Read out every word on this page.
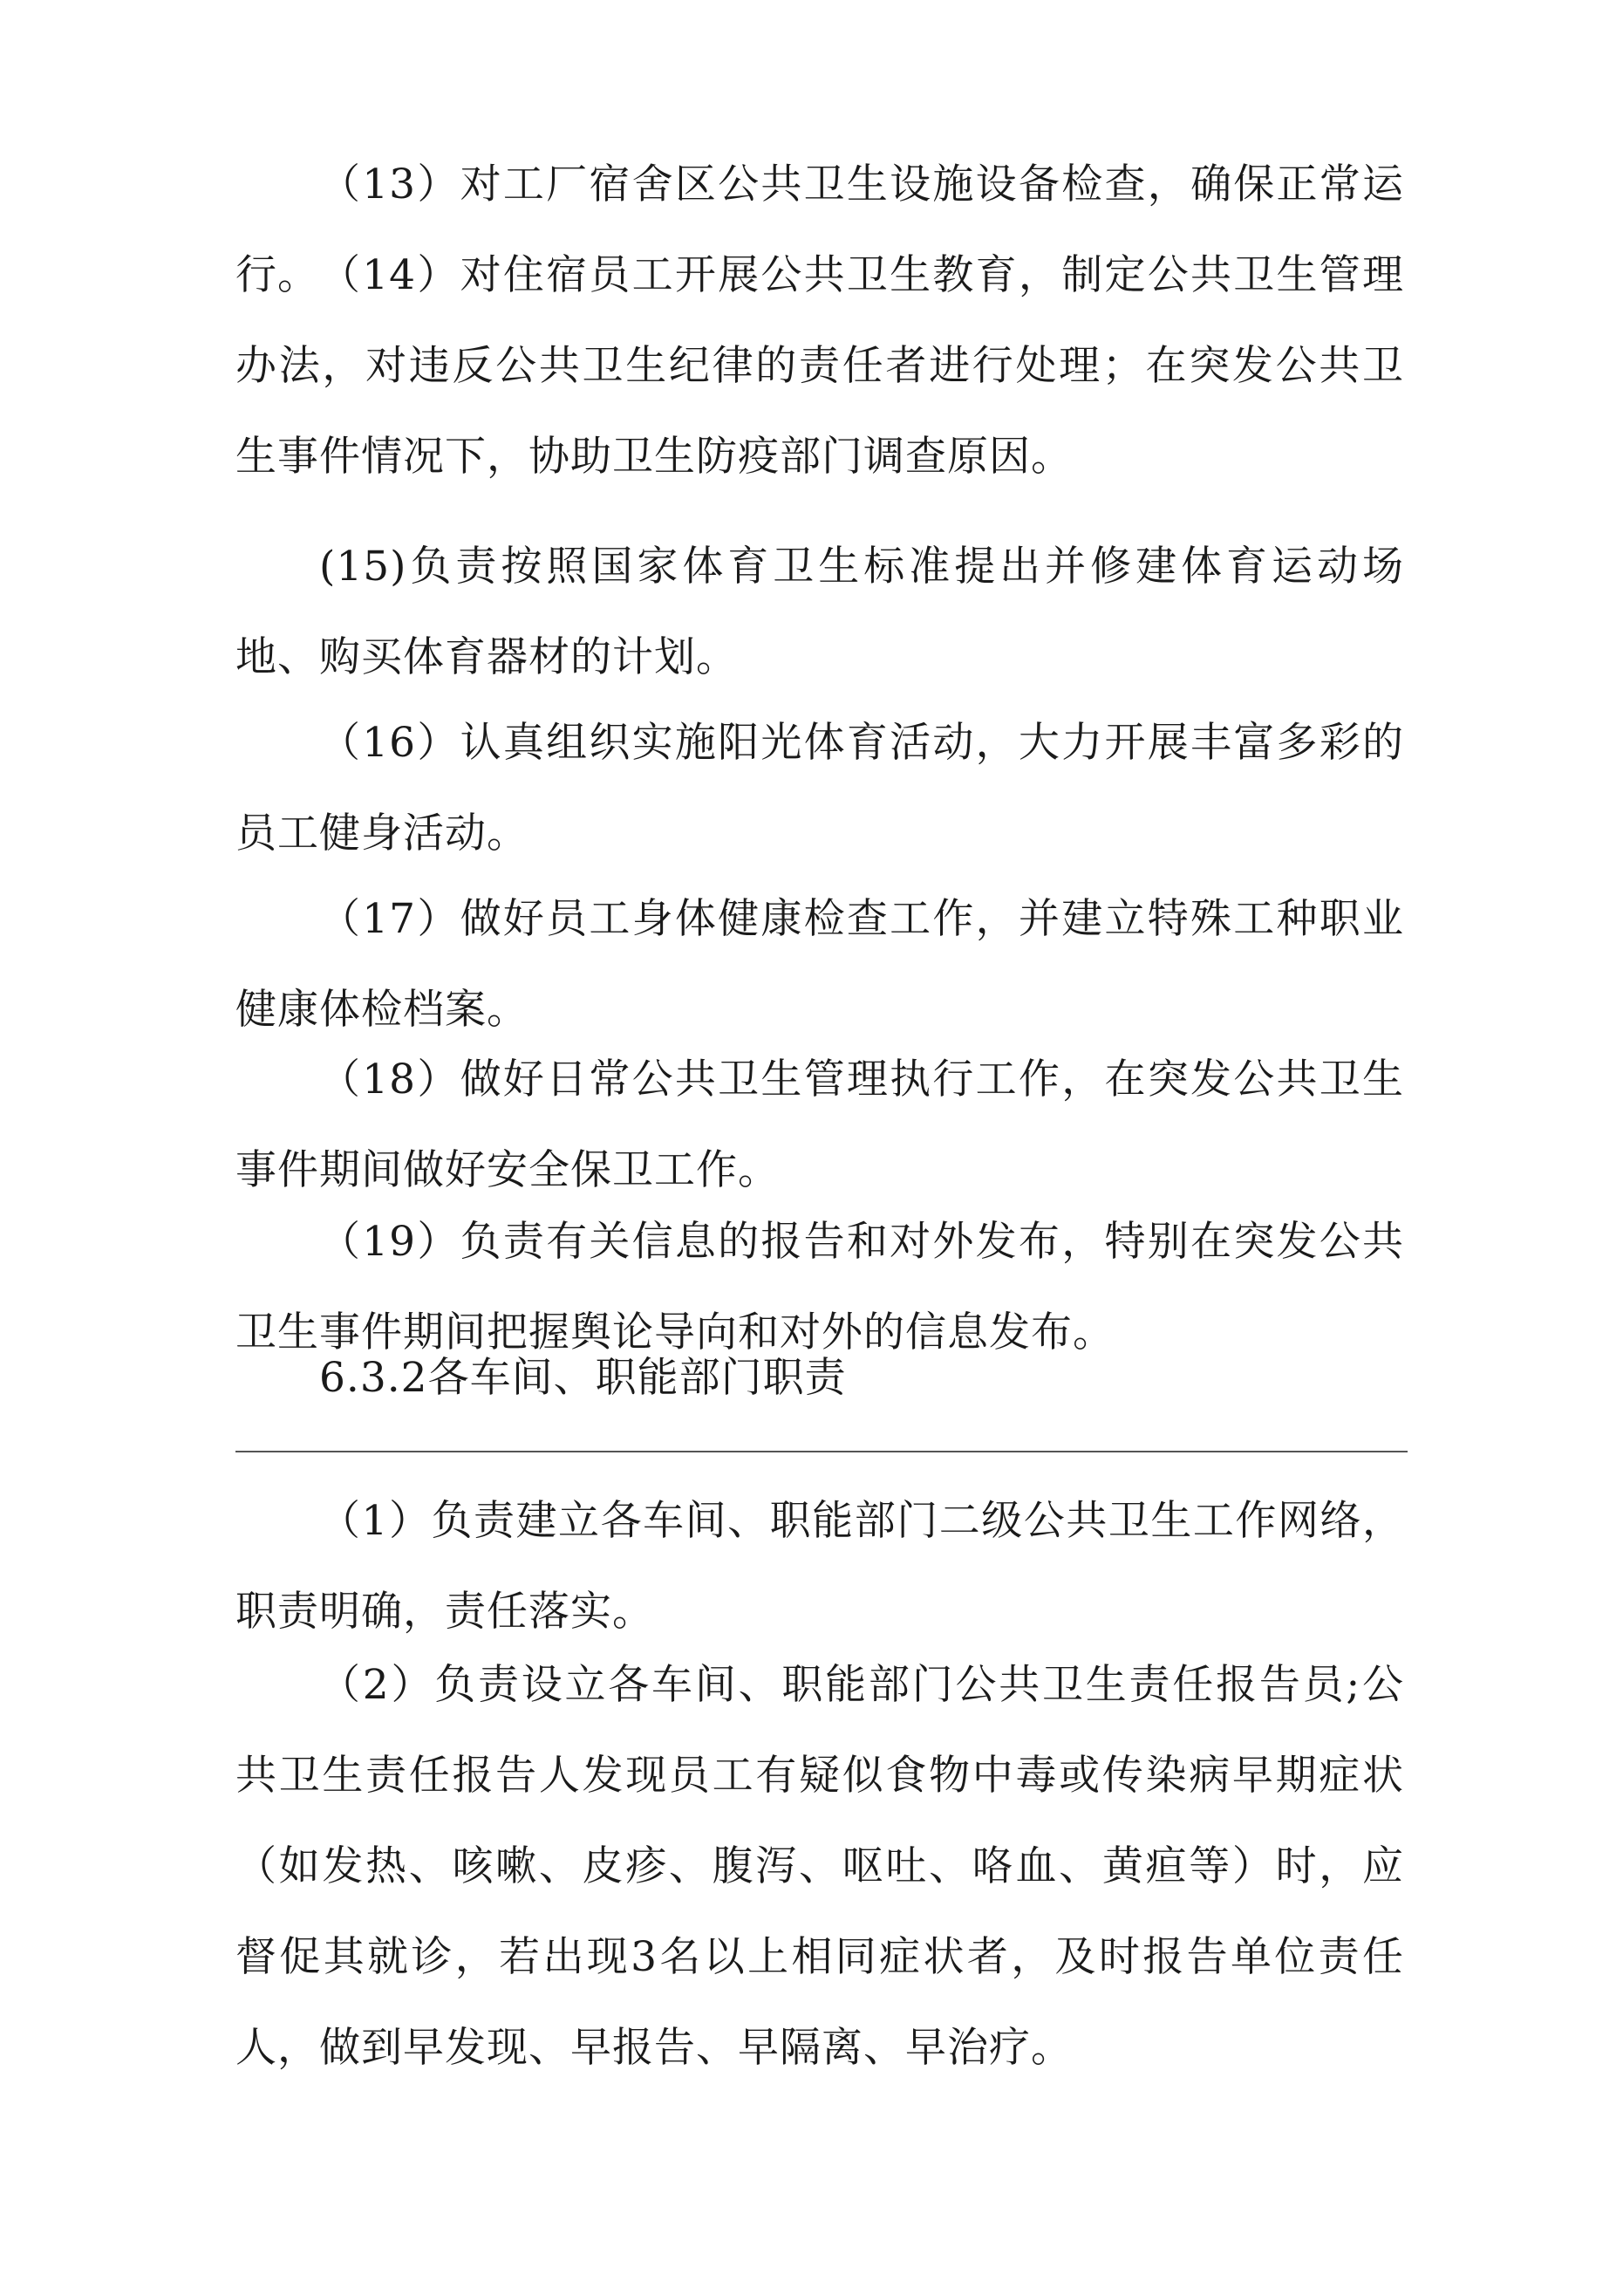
（13）对工厂宿舍区公共卫生设施设备检查，确保正常运行。 （14）对住宿员工开展公共卫生教育，制定公共卫生管理办法，对违反公共卫生纪律的责任者进行处理；在突发公共卫生事件情况下，协助卫生防疫部门调查原因。

(15)负责按照国家体育卫生标准提出并修建体育运动场地、购买体育器材的计划。

（16）认真组织实施阳光体育活动，大力开展丰富多彩的员工健身活动。

（17）做好员工身体健康检查工作，并建立特殊工种职业健康体检档案。

（18）做好日常公共卫生管理执行工作，在突发公共卫生事件期间做好安全保卫工作。

（19）负责有关信息的报告和对外发布，特别在突发公共卫生事件期间把握舆论导向和对外的信息发布。

6.3.2各车间、职能部门职责

（1）负责建立各车间、职能部门二级公共卫生工作网络，职责明确，责任落实。

（2）负责设立各车间、职能部门公共卫生责任报告员;公共卫生责任报告人发现员工有疑似食物中毒或传染病早期症状（如发热、咳嗽、皮疹、腹泻、呕吐、咯血、黄疸等）时，应督促其就诊，若出现3名以上相同症状者，及时报告单位责任人，做到早发现、早报告、早隔离、早治疗。
